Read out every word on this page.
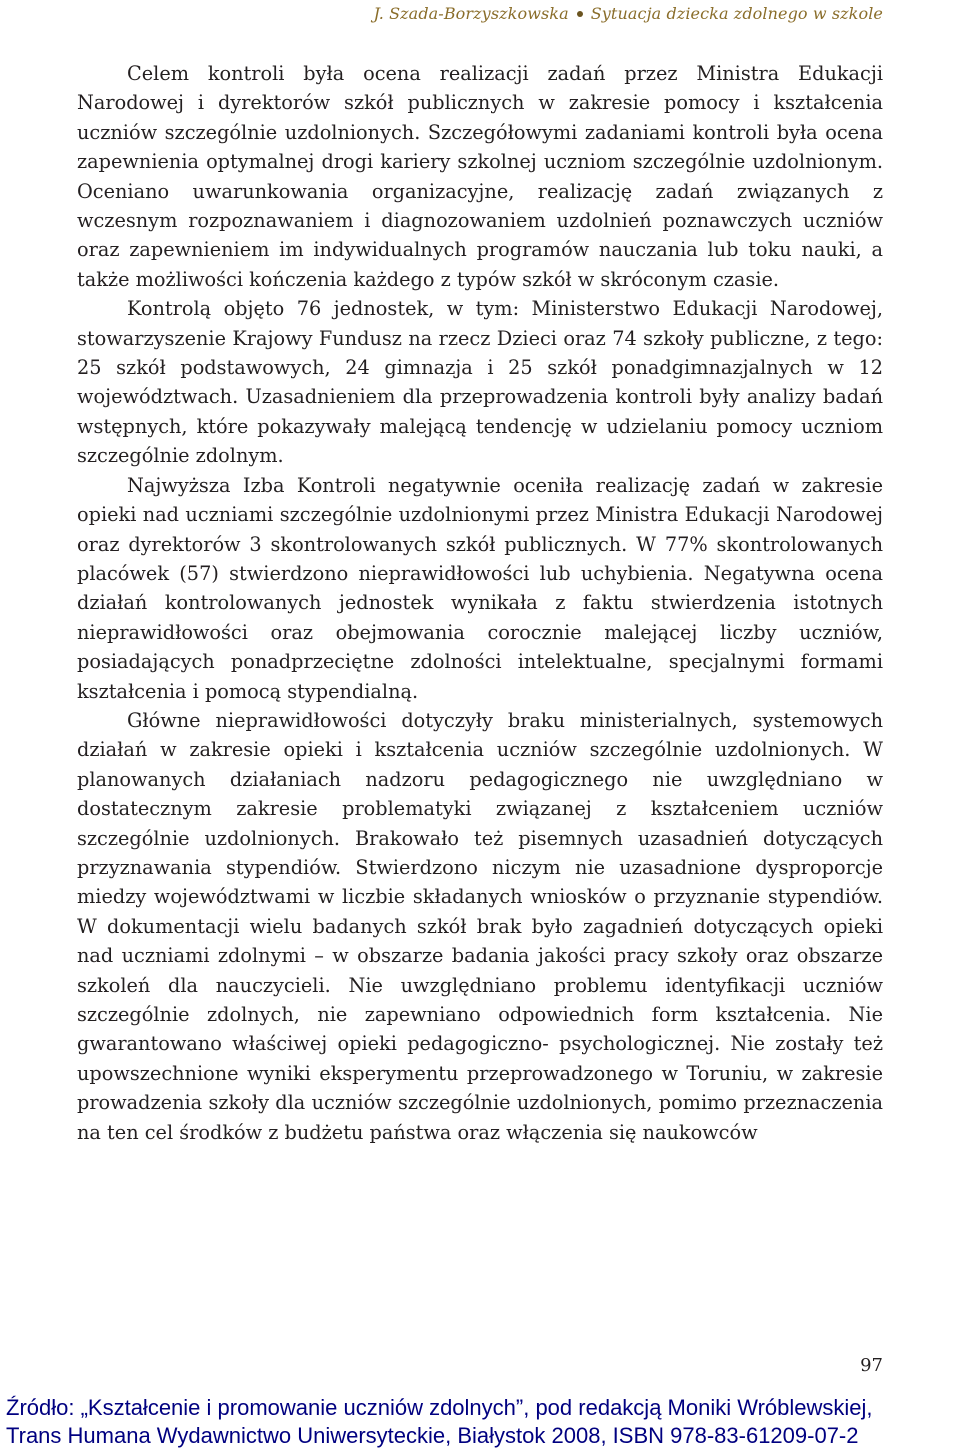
J. Szada-Borzyszkowska Sytuacja dziecka zdolnego w szkole

Celem kontroli była ocena realizacji zadań przez Ministra Edukacji Narodowej i dyrektorów szkół publicznych w zakresie pomocy i kształcenia uczniów szczególnie uzdolnionych. Szczegółowymi zadaniami kontroli była ocena zapewnienia optymalnej drogi kariery szkolnej uczniom szczególnie uzdolnionym. Oceniano uwarunkowania organizacyjne, realizację zadań związanych z wczesnym rozpoznawaniem i diagnozowaniem uzdolnień poznawczych uczniów oraz zapewnieniem im indywidualnych programów nauczania lub toku nauki, a także możliwości kończenia każdego z typów szkół w skróconym czasie.

Kontrolą objęto 76 jednostek, w tym: Ministerstwo Edukacji Narodowej, stowarzyszenie Krajowy Fundusz na rzecz Dzieci oraz 74 szkoły publiczne, z tego: 25 szkół podstawowych, 24 gimnazja i 25 szkół ponadgimnazjalnych w 12 województwach. Uzasadnieniem dla przeprowadzenia kontroli były analizy badań wstępnych, które pokazywały malejącą tendencję w udzielaniu pomocy uczniom szczególnie zdolnym.

Najwyższa Izba Kontroli negatywnie oceniła realizację zadań w zakresie opieki nad uczniami szczególnie uzdolnionymi przez Ministra Edukacji Narodowej oraz dyrektorów 3 skontrolowanych szkół publicznych. W 77% skontrolowanych placówek (57) stwierdzono nieprawidłowości lub uchybienia. Negatywna ocena działań kontrolowanych jednostek wynikała z faktu stwierdzenia istotnych nieprawidłowości oraz obejmowania corocznie malejącej liczby uczniów, posiadających ponadprzeciętne zdolności intelektualne, specjalnymi formami kształcenia i pomocą stypendialną.

Główne nieprawidłowości dotyczyły braku ministerialnych, systemowych działań w zakresie opieki i kształcenia uczniów szczególnie uzdolnionych. W planowanych działaniach nadzoru pedagogicznego nie uwzględniano w dostatecznym zakresie problematyki związanej z kształceniem uczniów szczególnie uzdolnionych. Brakowało też pisemnych uzasadnień dotyczących przyznawania stypendiów. Stwierdzono niczym nie uzasadnione dysproporcje miedzy województwami w liczbie składanych wniosków o przyznanie stypendiów. W dokumentacji wielu badanych szkół brak było zagadnień dotyczących opieki nad uczniami zdolnymi – w obszarze badania jakości pracy szkoły oraz obszarze szkoleń dla nauczycieli. Nie uwzględniano problemu identyfikacji uczniów szczególnie zdolnych, nie zapewniano odpowiednich form kształcenia. Nie gwarantowano właściwej opieki pedagogiczno- psychologicznej. Nie zostały też upowszechnione wyniki eksperymentu przeprowadzonego w Toruniu, w zakresie prowadzenia szkoły dla uczniów szczególnie uzdolnionych, pomimo przeznaczenia na ten cel środków z budżetu państwa oraz włączenia się naukowców

97
Źródło: „Kształcenie i promowanie uczniów zdolnych”, pod redakcją Moniki Wróblewskiej,
Trans Humana Wydawnictwo Uniwersyteckie, Białystok 2008, ISBN 978-83-61209-07-2
